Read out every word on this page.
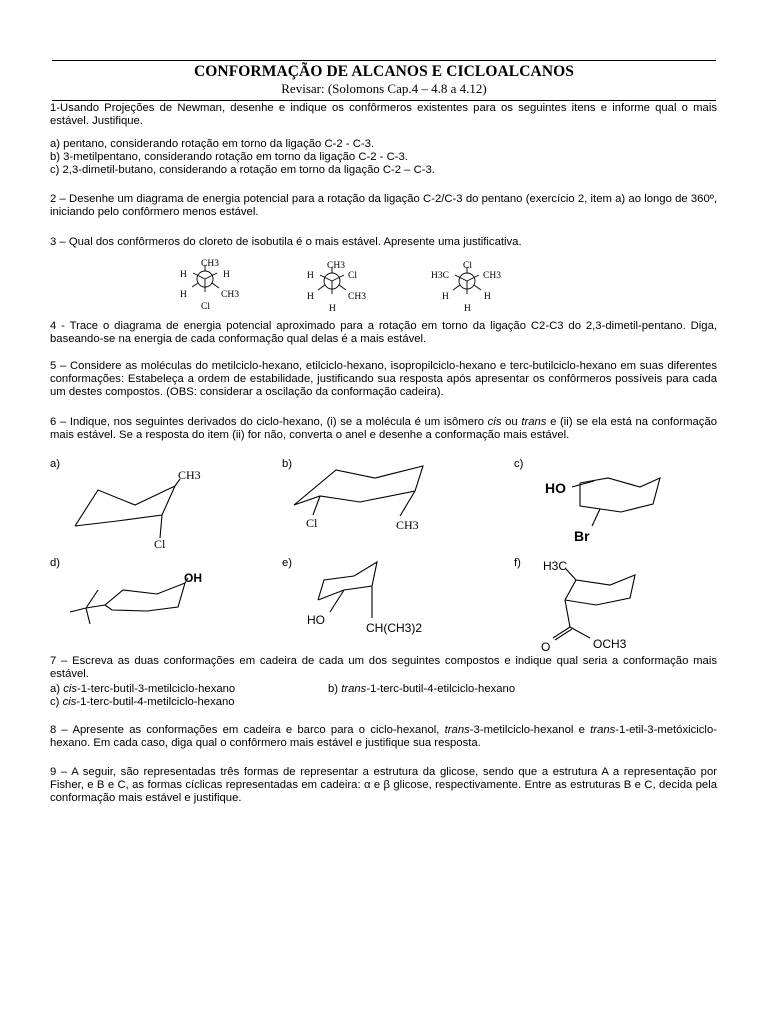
CONFORMAÇÃO DE ALCANOS E CICLOALCANOS
Revisar: (Solomons Cap.4 – 4.8 a 4.12)
1-Usando Projeções de Newman, desenhe e indique os confôrmeros existentes para os seguintes itens e informe qual o mais estável. Justifique.
a) pentano, considerando rotação em torno da ligação C-2 - C-3.
b) 3-metilpentano, considerando rotação em torno da ligação C-2 - C-3.
c) 2,3-dimetil-butano, considerando a rotação em torno da ligação C-2 – C-3.
2 – Desenhe um diagrama de energia potencial para a rotação da ligação C-2/C-3 do pentano (exercício 2, item a) ao longo de 360º, iniciando pelo confôrmero menos estável.
3 – Qual dos confôrmeros do cloreto de isobutila é o mais estável. Apresente uma justificativa.
CH3
H	H
H	CH3
Cl
CH3
H	Cl
H	CH3
H
Cl
H3C	CH3
H	H
H
4 - Trace o diagrama de energia potencial aproximado para a rotação em torno da ligação C2-C3 do 2,3-dimetil-pentano. Diga, baseando-se na energia de cada conformação qual delas é a mais estável.
5 – Considere as moléculas do metilciclo-hexano, etilciclo-hexano, isopropilciclo-hexano e terc-butilciclo-hexano em suas diferentes conformações: Estabeleça a ordem de estabilidade, justificando sua resposta após apresentar os confôrmeros possíveis para cada um destes compostos. (OBS: considerar a oscilação da conformação cadeira).
6 – Indique, nos seguintes derivados do ciclo-hexano, (i) se a molécula é um isômero cis ou trans e (ii) se ela está na conformação mais estável. Se a resposta do item (ii) for não, converta o anel e desenhe a conformação mais estável.
a)	b)	c)
d)	e)	f)
CH3
Cl
Cl	CH3
HO
Br
OH
HO
CH(CH3)2
H3C
O	OCH3
7 – Escreva as duas conformações em cadeira de cada um dos seguintes compostos e indique qual seria a conformação mais estável.
a) cis-1-terc-butil-3-metilciclo-hexano	b) trans-1-terc-butil-4-etilciclo-hexano
c) cis-1-terc-butil-4-metilciclo-hexano
8 – Apresente as conformações em cadeira e barco para o ciclo-hexanol, trans-3-metilciclo-hexanol e trans-1-etil-3-metóxiciclo-hexano. Em cada caso, diga qual o confôrmero mais estável e justifique sua resposta.
9 – A seguir, são representadas três formas de representar a estrutura da glicose, sendo que a estrutura A a representação por Fisher, e B e C, as formas cíclicas representadas em cadeira: α e β glicose, respectivamente. Entre as estruturas B e C, decida pela conformação mais estável e justifique.
